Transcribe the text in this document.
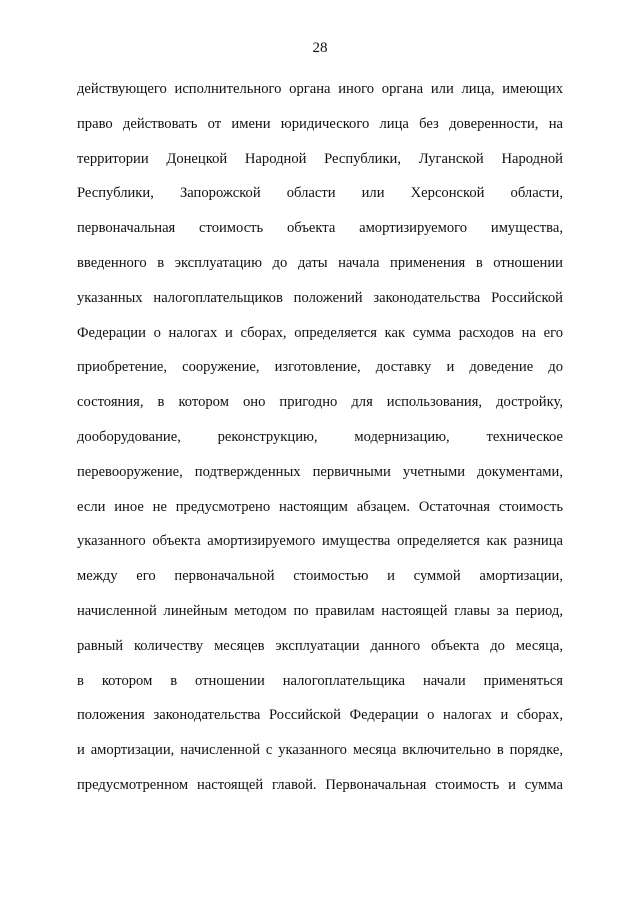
28
действующего исполнительного органа иного органа или лица, имеющих
право действовать от имени юридического лица без доверенности, на
территории Донецкой Народной Республики, Луганской Народной
Республики, Запорожской области или Херсонской области,
первоначальная стоимость объекта амортизируемого имущества,
введенного в эксплуатацию до даты начала применения в отношении
указанных налогоплательщиков положений законодательства Российской
Федерации о налогах и сборах, определяется как сумма расходов на его
приобретение, сооружение, изготовление, доставку и доведение до
состояния, в котором оно пригодно для использования, достройку,
дооборудование, реконструкцию, модернизацию, техническое
перевооружение, подтвержденных первичными учетными документами,
если иное не предусмотрено настоящим абзацем. Остаточная стоимость
указанного объекта амортизируемого имущества определяется как разница
между его первоначальной стоимостью и суммой амортизации,
начисленной линейным методом по правилам настоящей главы за период,
равный количеству месяцев эксплуатации данного объекта до месяца,
в котором в отношении налогоплательщика начали применяться
положения законодательства Российской Федерации о налогах и сборах,
и амортизации, начисленной с указанного месяца включительно в порядке,
предусмотренном настоящей главой. Первоначальная стоимость и сумма
